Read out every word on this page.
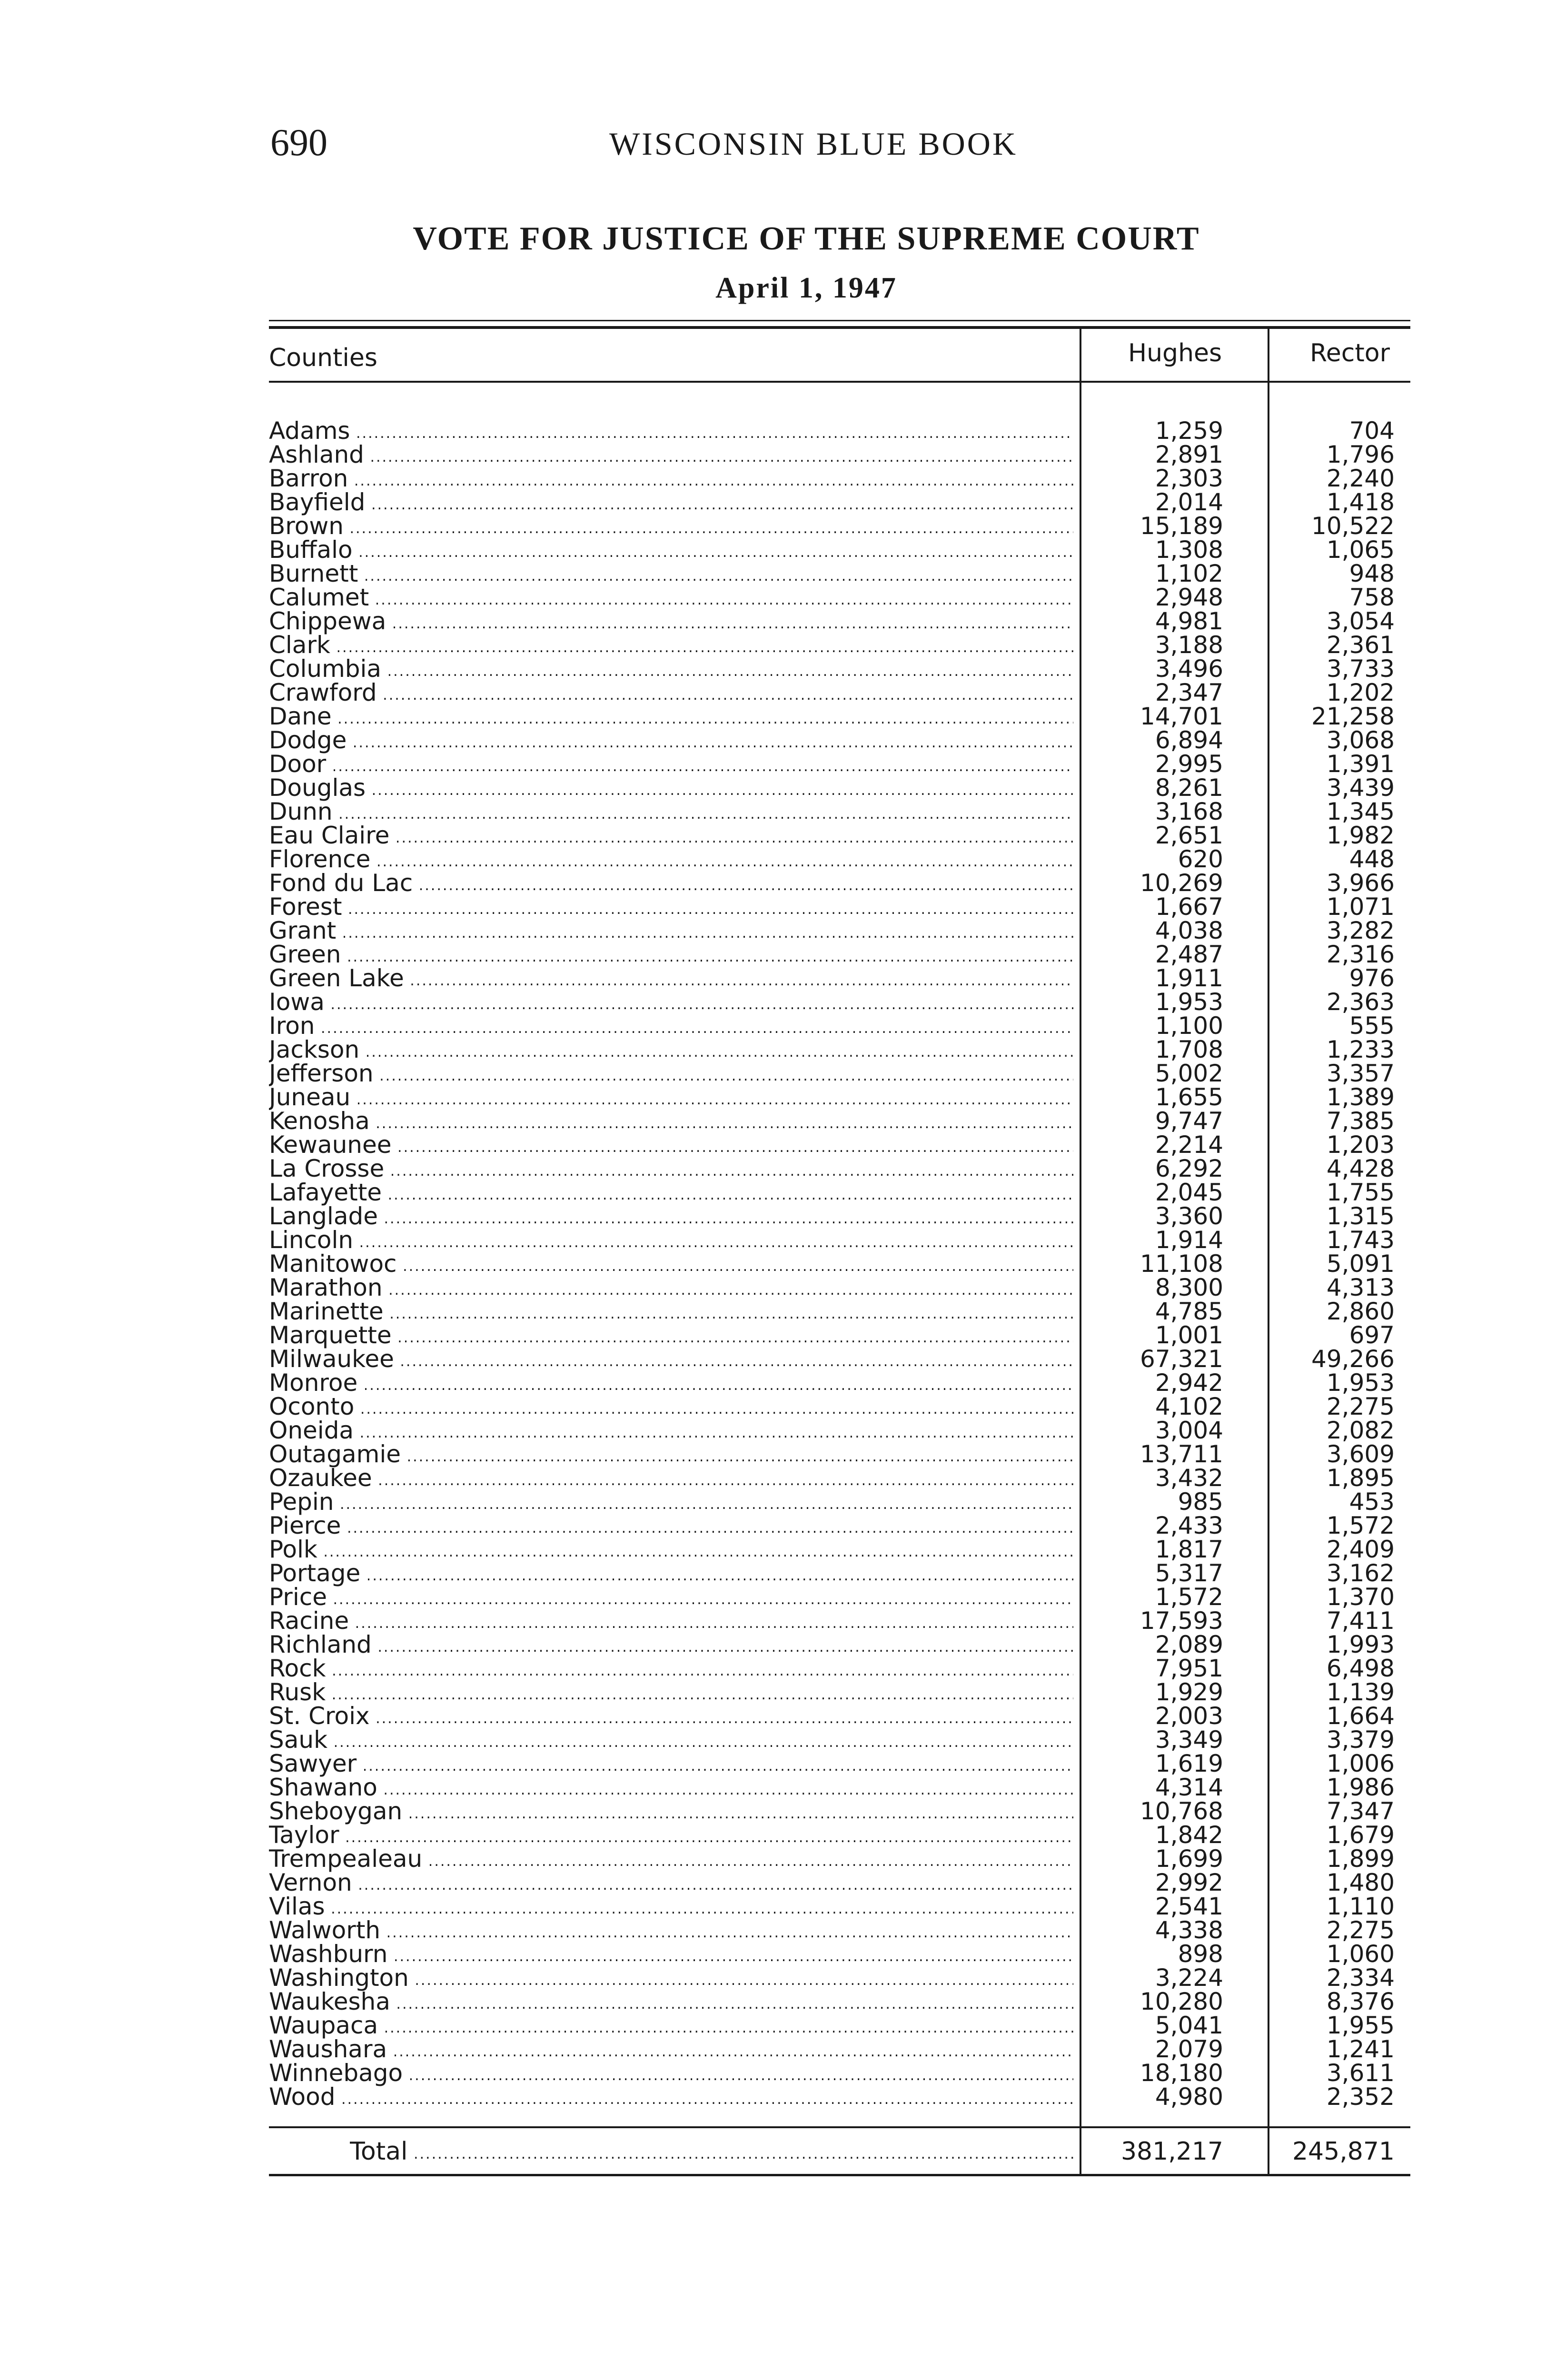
690	WISCONSIN BLUE BOOK
VOTE FOR JUSTICE OF THE SUPREME COURT
April 1, 1947
Counties	Hughes	Rector
Adams .....	1,259	704
Ashland .....	2,891	1,796
Barron .....	2,303	2,240
Bayfield .....	2,014	1,418
Brown .....	15,189	10,522
Buffalo .....	1,308	1,065
Burnett .....	1,102	948
Calumet .....	2,948	758
Chippewa .....	4,981	3,054
Clark .....	3,188	2,361
Columbia .....	3,496	3,733
Crawford .....	2,347	1,202
Dane .....	14,701	21,258
Dodge .....	6,894	3,068
Door .....	2,995	1,391
Douglas .....	8,261	3,439
Dunn .....	3,168	1,345
Eau Claire .....	2,651	1,982
Florence .....	620	448
Fond du Lac .....	10,269	3,966
Forest .....	1,667	1,071
Grant .....	4,038	3,282
Green .....	2,487	2,316
Green Lake .....	1,911	976
Iowa .....	1,953	2,363
Iron .....	1,100	555
Jackson .....	1,708	1,233
Jefferson .....	5,002	3,357
Juneau .....	1,655	1,389
Kenosha .....	9,747	7,385
Kewaunee .....	2,214	1,203
La Crosse .....	6,292	4,428
Lafayette .....	2,045	1,755
Langlade .....	3,360	1,315
Lincoln .....	1,914	1,743
Manitowoc .....	11,108	5,091
Marathon .....	8,300	4,313
Marinette .....	4,785	2,860
Marquette .....	1,001	697
Milwaukee .....	67,321	49,266
Monroe .....	2,942	1,953
Oconto .....	4,102	2,275
Oneida .....	3,004	2,082
Outagamie .....	13,711	3,609
Ozaukee .....	3,432	1,895
Pepin .....	985	453
Pierce .....	2,433	1,572
Polk .....	1,817	2,409
Portage .....	5,317	3,162
Price .....	1,572	1,370
Racine .....	17,593	7,411
Richland .....	2,089	1,993
Rock .....	7,951	6,498
Rusk .....	1,929	1,139
St. Croix .....	2,003	1,664
Sauk .....	3,349	3,379
Sawyer .....	1,619	1,006
Shawano .....	4,314	1,986
Sheboygan .....	10,768	7,347
Taylor .....	1,842	1,679
Trempealeau .....	1,699	1,899
Vernon .....	2,992	1,480
Vilas .....	2,541	1,110
Walworth .....	4,338	2,275
Washburn .....	898	1,060
Washington .....	3,224	2,334
Waukesha .....	10,280	8,376
Waupaca .....	5,041	1,955
Waushara .....	2,079	1,241
Winnebago .....	18,180	3,611
Wood .....	4,980	2,352
Total .....	381,217	245,871
